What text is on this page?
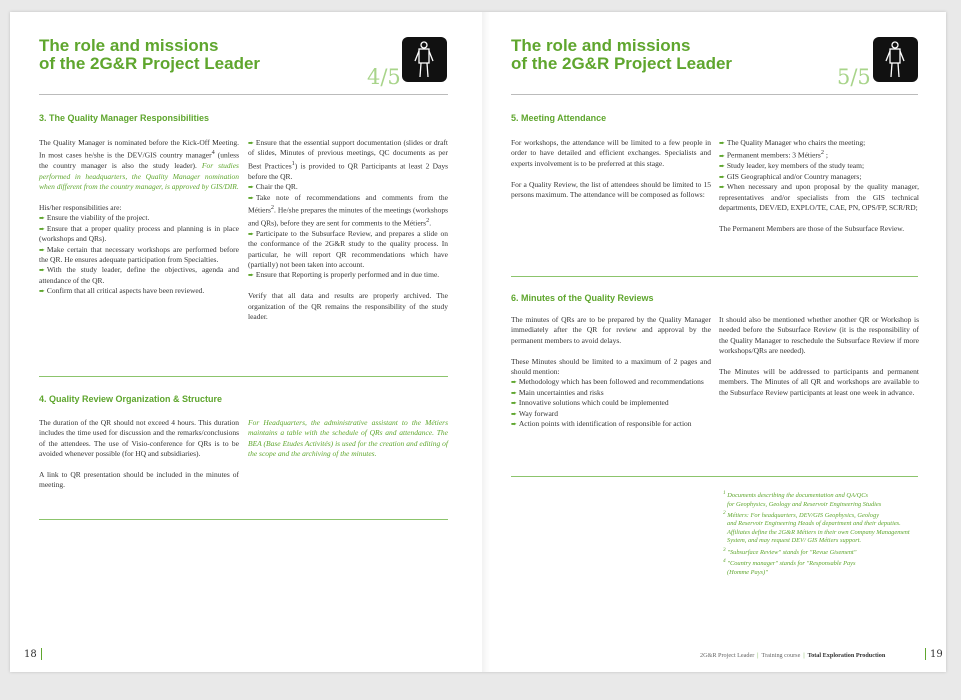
The role and missions
of the 2G&R Project Leader
4/5
3. The Quality Manager Responsibilities

The Quality Manager is nominated before the Kick-Off Meeting. In most cases he/she is the DEV/GIS country manager$^4$ (unless the country manager is also the study leader). For studies performed in headquarters, the Quality Manager nomination when different from the country manager, is approved by GIS/DIR.

His/her responsibilities are:

➨ Ensure the viability of the project.
➨ Ensure that a proper quality process and planning is in place (workshops and QRs).
➨ Make certain that necessary workshops are performed before the QR. He ensures adequate participation from Specialties.
➨ With the study leader, define the objectives, agenda and attendance of the QR.
➨ Confirm that all critical aspects have been reviewed.
➨ Ensure that the essential support documentation (slides or draft of slides, Minutes of previous meetings, QC documents as per Best Practices$^1$) is provided to QR Participants at least 2 Days before the QR.
➨ Chair the QR.
➨ Take note of recommendations and comments from the Métiers$^2$. He/she prepares the minutes of the meetings (workshops and QRs), before they are sent for comments to the Métiers$^2$.
➨ Participate to the Subsurface Review, and prepares a slide on the conformance of the 2G&R study to the quality process. In particular, he will report QR recommendations which have (partially) not been taken into account.
➨ Ensure that Reporting is properly performed and in due time.

Verify that all data and results are properly archived. The organization of the QR remains the responsibility of the study leader.

4. Quality Review Organization & Structure

The duration of the QR should not exceed 4 hours. This duration includes the time used for discussion and the remarks/conclusions of the attendees. The use of Visio-conference for QRs is to be avoided whenever possible (for HQ and subsidiaries).

A link to QR presentation should be included in the minutes of meeting.

For Headquarters, the administrative assistant to the Métiers maintains a table with the schedule of QRs and attendance. The BEA (Base Etudes Activités) is used for the creation and editing of the scope and the archiving of the minutes.

18
The role and missions
of the 2G&R Project Leader
5/5
5. Meeting Attendance

For workshops, the attendance will be limited to a few people in order to have detailed and efficient exchanges. Specialists and experts involvement is to be preferred at this stage.

For a Quality Review, the list of attendees should be limited to 15 persons maximum. The attendance will be composed as follows:

➨ The Quality Manager who chairs the meeting;
➨ Permanent members: 3 Métiers$^2$ ;
➨ Study leader, key members of the study team;
➨ GIS Geographical and/or Country managers;
➨ When necessary and upon proposal by the quality manager, representatives and/or specialists from the GIS technical departments, DEV/ED, EXPLO/TE, CAE, PN, OPS/FP, SCR/RD;

The Permanent Members are those of the Subsurface Review.

6. Minutes of the Quality Reviews

The minutes of QRs are to be prepared by the Quality Manager immediately after the QR for review and approval by the permanent members to avoid delays.

These Minutes should be limited to a maximum of 2 pages and should mention:

➨ Methodology which has been followed and recommendations
➨ Main uncertainties and risks
➨ Innovative solutions which could be implemented
➨ Way forward
➨ Action points with identification of responsible for action

It should also be mentioned whether another QR or Workshop is needed before the Subsurface Review (it is the responsibility of the Quality Manager to reschedule the Subsurface Review if more workshops/QRs are needed).

The Minutes will be addressed to participants and permanent members. The Minutes of all QR and workshops are available to the Subsurface Review participants at least one week in advance.

$^1$ Documents describing the documentation and QA/QCs
for Geophysics, Geology and Reservoir Engineering Studies
$^2$ Métiers: For headquarters, DEV/GIS Geophysics, Geology

and Reservoir Engineering Heads of department and their deputies. Affiliates define the 2G&R Métiers in their own Company Management System, and may request DEV/ GIS Métiers support.
$^3$ "Subsurface Review" stands for "Revue Gisement"
$^4$ "Country manager" stands for "Responsable Pays
(Homme Pays)"
2G&R Project Leader | Training course | Total Exploration Production	19
